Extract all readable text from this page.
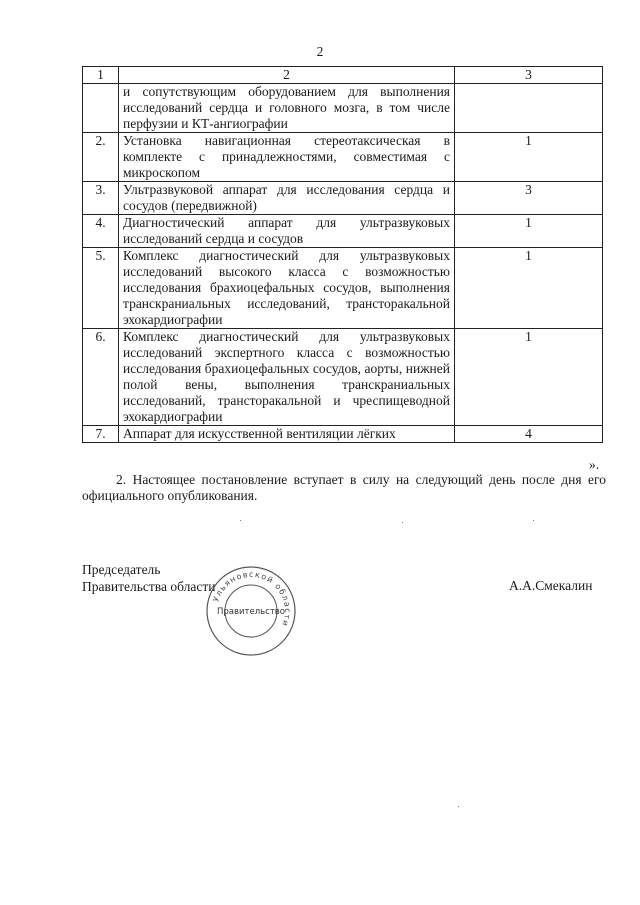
2
1	2	3
	и сопутствующим оборудованием для выполнения исследований сердца и головного мозга, в том числе перфузии и КТ-ангиографии	
2.	Установка навигационная стереотаксическая в комплекте с принадлежностями, совместимая с микроскопом	1
3.	Ультразвуковой аппарат для исследования сердца и сосудов (передвижной)	3
4.	Диагностический аппарат для ультразвуковых исследований сердца и сосудов	1
5.	Комплекс диагностический для ультразвуковых исследований высокого класса с возможностью исследования брахиоцефальных сосудов, выполнения транскраниальных исследований, трансторакальной эхокардиографии	1
6.	Комплекс диагностический для ультразвуковых исследований экспертного класса с возможностью исследования брахиоцефальных сосудов, аорты, нижней полой вены, выполнения транскраниальных исследований, трансторакальной и чреспищеводной эхокардиографии	1
7.	Аппарат для искусственной вентиляции лёгких	4
».
2. Настоящее постановление вступает в силу на следующий день после дня его официального опубликования.
Председатель
Правительства области	А.А.Смекалин
Ульяновской области
Правительство
